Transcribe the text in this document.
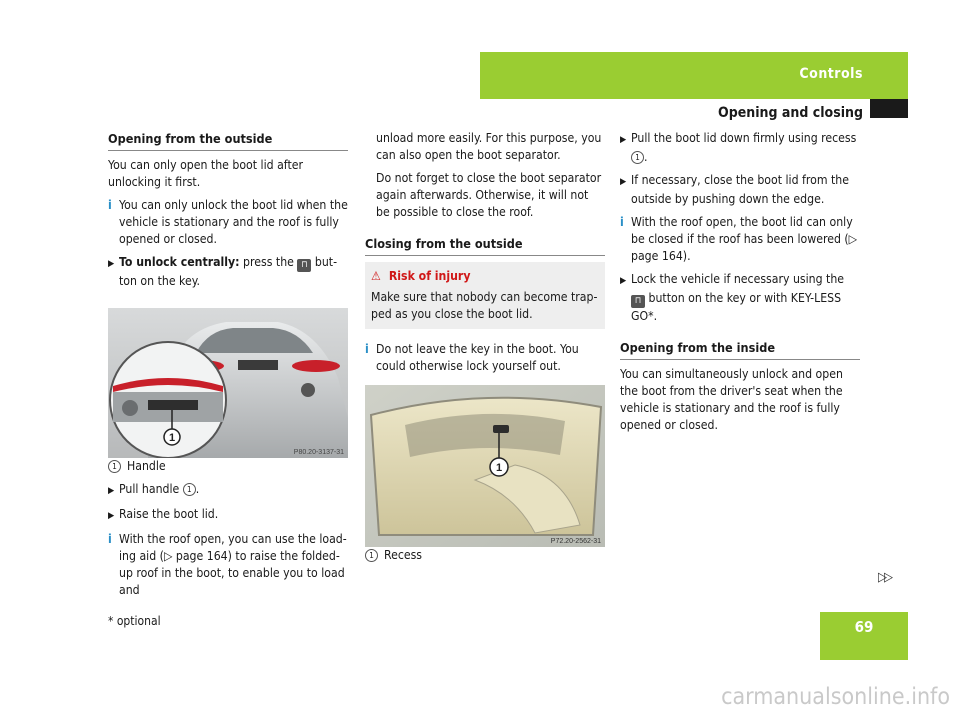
Controls
Opening and closing

Opening from the outside

You can only open the boot lid after unlocking it first.

i You can only unlock the boot lid when the vehicle is stationary and the roof is fully opened or closed.

▶ To unlock centrally: press the ⊓ but-ton on the key.

1
P80.20-3137-31

1 Handle

▶ Pull handle 1 .

▶ Raise the boot lid.

i With the roof open, you can use the load-ing aid (▷ page 164) to raise the folded-up roof in the boot, to enable you to load and

unload more easily. For this purpose, you can also open the boot separator.

Do not forget to close the boot separator again afterwards. Otherwise, it will not be possible to close the roof.

Closing from the outside

⚠ Risk of injury
Make sure that nobody can become trap-ped as you close the boot lid.

i Do not leave the key in the boot. You could otherwise lock yourself out.

1
P72.20-2562-31

1 Recess

▶ Pull the boot lid down firmly using recess 1 .

▶ If necessary, close the boot lid from the outside by pushing down the edge.

i With the roof open, the boot lid can only be closed if the roof has been lowered (▷ page 164).

▶ Lock the vehicle if necessary using the ⊓ button on the key or with KEY-LESS GO*.

Opening from the inside

You can simultaneously unlock and open the boot from the driver's seat when the vehicle is stationary and the roof is fully opened or closed.

▷▷
* optional	69
carmanualsonline.info
